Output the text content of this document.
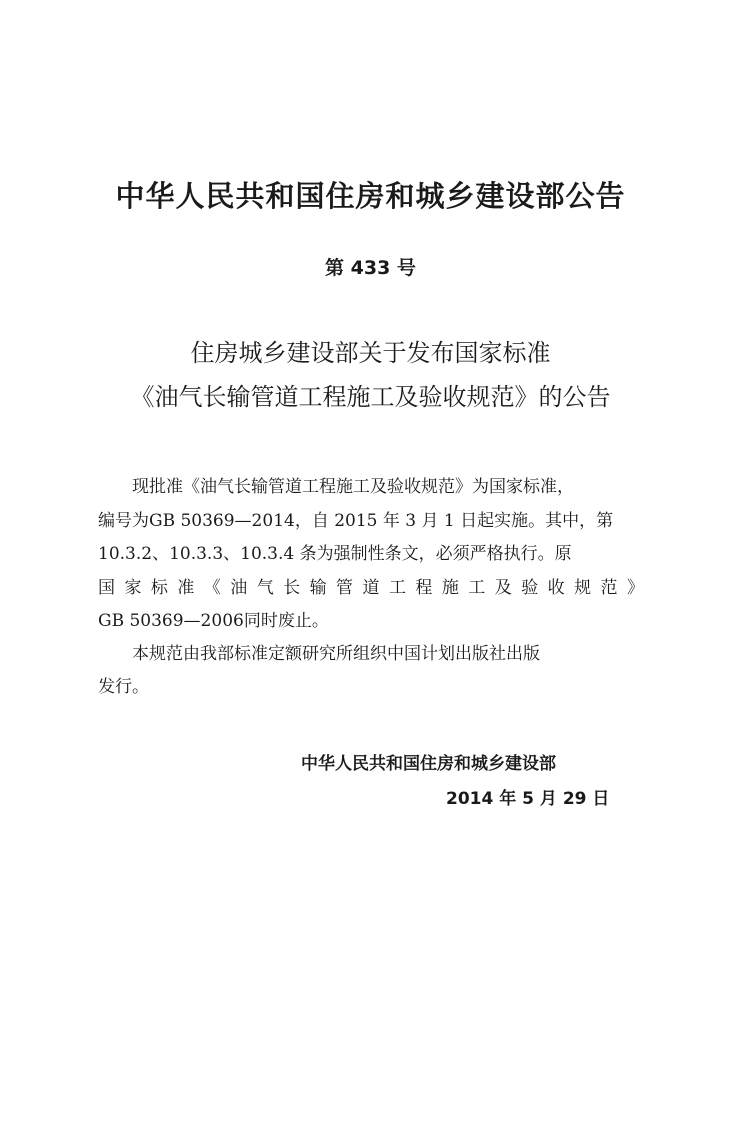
中华人民共和国住房和城乡建设部公告
第 433 号
住房城乡建设部关于发布国家标准
《油气长输管道工程施工及验收规范》的公告
现批准《油气长输管道工程施工及验收规范》为国家标准，
编号为GB 50369—2014，自 2015 年 3 月 1 日起实施。其中，第
10.3.2、10.3.3、10.3.4 条为强制性条文，必须严格执行。原
国家标准《油气长输管道工程施工及验收规范》
GB 50369—2006同时废止。
本规范由我部标准定额研究所组织中国计划出版社出版
发行。
中华人民共和国住房和城乡建设部
2014 年 5 月 29 日
